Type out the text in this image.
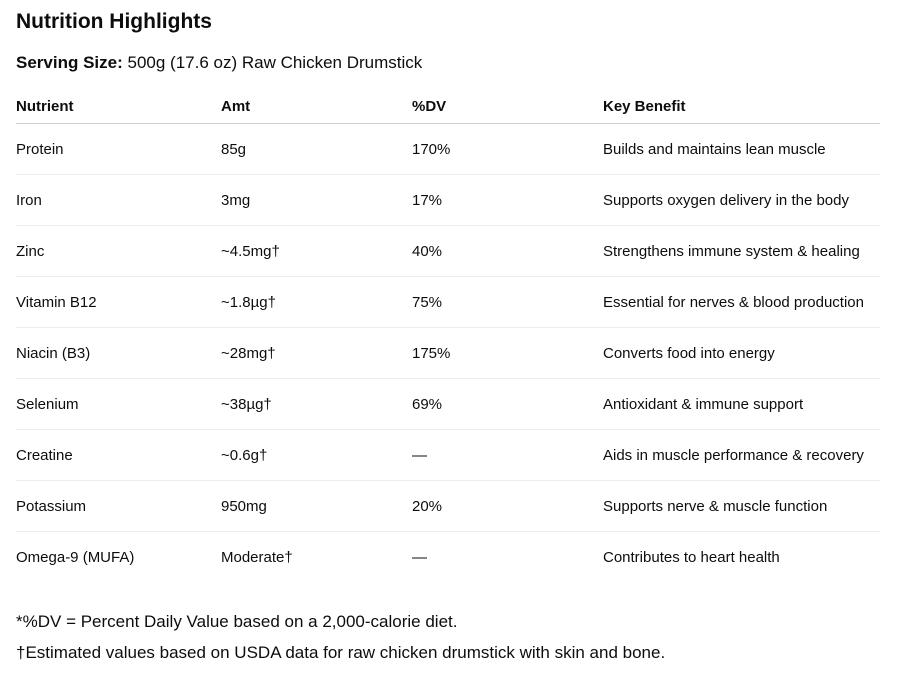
Nutrition Highlights
Serving Size: 500g (17.6 oz) Raw Chicken Drumstick
Nutrient	Amt	%DV	Key Benefit
Protein	85g	170%	Builds and maintains lean muscle
Iron	3mg	17%	Supports oxygen delivery in the body
Zinc	~4.5mg†	40%	Strengthens immune system & healing
Vitamin B12	~1.8µg†	75%	Essential for nerves & blood production
Niacin (B3)	~28mg†	175%	Converts food into energy
Selenium	~38µg†	69%	Antioxidant & immune support
Creatine	~0.6g†	—	Aids in muscle performance & recovery
Potassium	950mg	20%	Supports nerve & muscle function
Omega-9 (MUFA)	Moderate†	—	Contributes to heart health

*%DV = Percent Daily Value based on a 2,000-calorie diet.

†Estimated values based on USDA data for raw chicken drumstick with skin and bone.
